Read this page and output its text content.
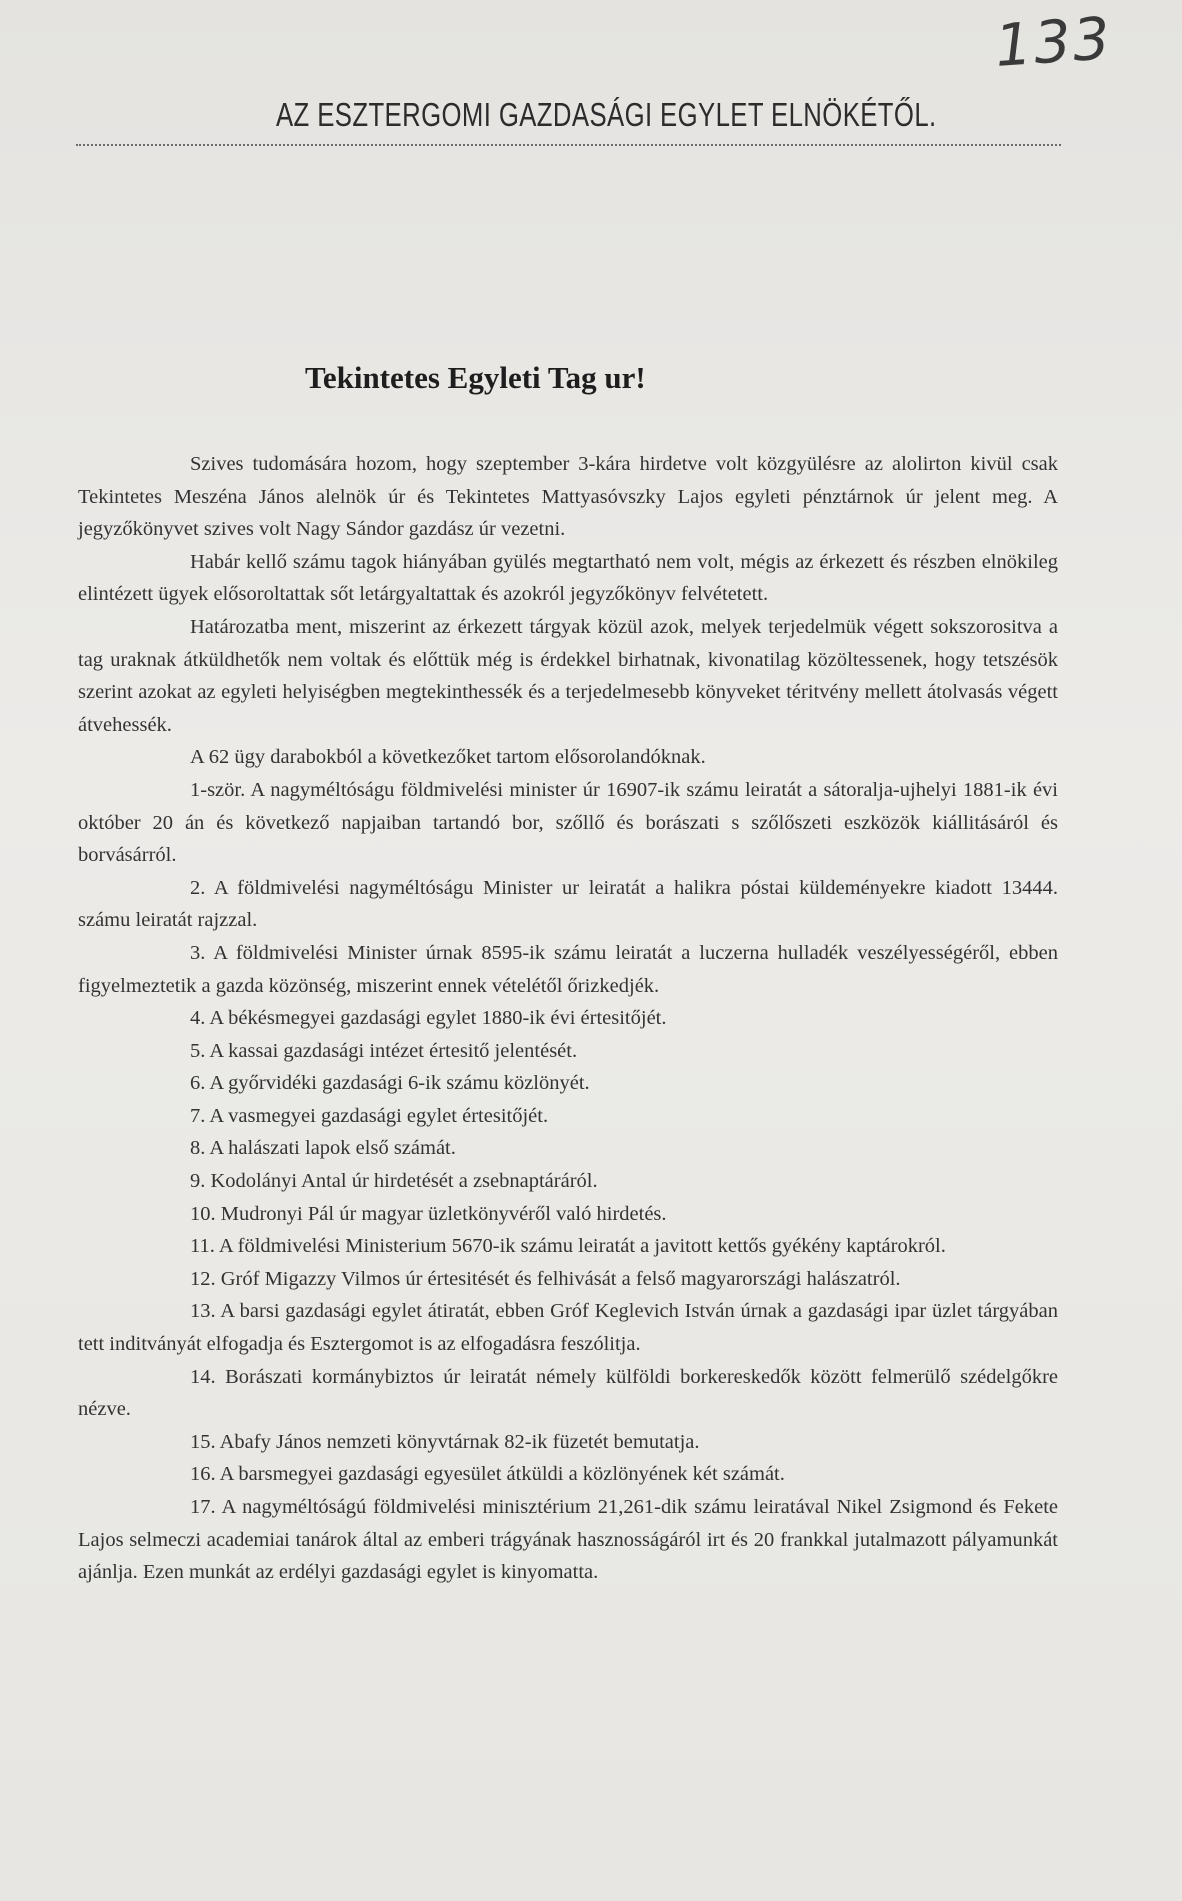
133
AZ ESZTERGOMI GAZDASÁGI EGYLET ELNÖKÉTŐL.
Tekintetes Egyleti Tag ur!

Szives tudomására hozom, hogy szeptember 3-kára hirdetve volt közgyülésre az alolirton kivül csak Tekintetes Meszéna János alelnök úr és Tekintetes Mattyasóvszky Lajos egyleti pénztárnok úr jelent meg. A jegyzőkönyvet szives volt Nagy Sándor gazdász úr vezetni.

Habár kellő számu tagok hiányában gyülés megtartható nem volt, mégis az érkezett és részben elnökileg elintézett ügyek elősoroltattak sőt letárgyaltattak és azokról jegyzőkönyv felvétetett.

Határozatba ment, miszerint az érkezett tárgyak közül azok, melyek terjedelmük végett sokszorositva a tag uraknak átküldhetők nem voltak és előttük még is érdekkel birhatnak, kivonatilag közöltessenek, hogy tetszésök szerint azokat az egyleti helyiségben megtekinthessék és a terjedelmesebb könyveket téritvény mellett átolvasás végett átvehessék.

A 62 ügy darabokból a következőket tartom elősorolandóknak.

1-ször. A nagyméltóságu földmivelési minister úr 16907-ik számu leiratát a sátoralja-ujhelyi 1881-ik évi október 20 án és következő napjaiban tartandó bor, szőllő és borászati s szőlőszeti eszközök kiállitásáról és borvásárról.

2. A földmivelési nagyméltóságu Minister ur leiratát a halikra póstai küldeményekre kiadott 13444. számu leiratát rajzzal.

3. A földmivelési Minister úrnak 8595-ik számu leiratát a luczerna hulladék veszélyességéről, ebben figyelmeztetik a gazda közönség, miszerint ennek vételétől őrizkedjék.

4. A békésmegyei gazdasági egylet 1880-ik évi értesitőjét.

5. A kassai gazdasági intézet értesitő jelentését.

6. A győrvidéki gazdasági 6-ik számu közlönyét.

7. A vasmegyei gazdasági egylet értesitőjét.

8. A halászati lapok első számát.

9. Kodolányi Antal úr hirdetését a zsebnaptáráról.

10. Mudronyi Pál úr magyar üzletkönyvéről való hirdetés.

11. A földmivelési Ministerium 5670-ik számu leiratát a javitott kettős gyékény kaptárokról.

12. Gróf Migazzy Vilmos úr értesitését és felhivását a felső magyarországi halászatról.

13. A barsi gazdasági egylet átiratát, ebben Gróf Keglevich István úrnak a gazdasági ipar üzlet tárgyában tett inditványát elfogadja és Esztergomot is az elfogadásra feszólitja.

14. Borászati kormánybiztos úr leiratát némely külföldi borkereskedők között felmerülő szédelgőkre nézve.

15. Abafy János nemzeti könyvtárnak 82-ik füzetét bemutatja.

16. A barsmegyei gazdasági egyesület átküldi a közlönyének két számát.

17. A nagyméltóságú földmivelési minisztérium 21,261-dik számu leiratával Nikel Zsigmond és Fekete Lajos selmeczi academiai tanárok által az emberi trágyának hasznosságáról irt és 20 frankkal jutalmazott pályamunkát ajánlja. Ezen munkát az erdélyi gazdasági egylet is kinyomatta.
